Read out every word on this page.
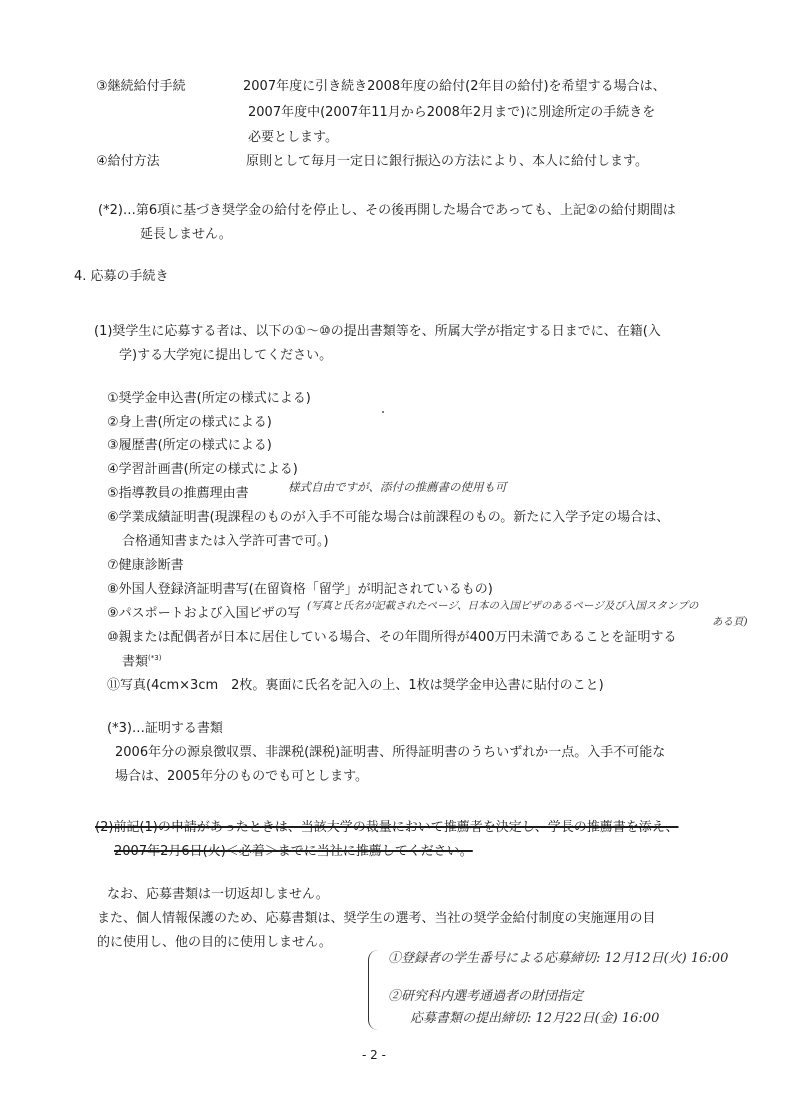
③継続給付手続	2007年度に引き続き2008年度の給付(2年目の給付)を希望する場合は、
2007年度中(2007年11月から2008年2月まで)に別途所定の手続きを
必要とします。
④給付方法	原則として毎月一定日に銀行振込の方法により、本人に給付します。
(*2)…第6項に基づき奨学金の給付を停止し、その後再開した場合であっても、上記②の給付期間は
延長しません。
4. 応募の手続き
(1)奨学生に応募する者は、以下の①～⑩の提出書類等を、所属大学が指定する日までに、在籍(入
学)する大学宛に提出してください。
①奨学金申込書(所定の様式による)
②身上書(所定の様式による)
③履歴書(所定の様式による)
④学習計画書(所定の様式による)
⑤指導教員の推薦理由書	様式自由ですが、添付の推薦書の使用も可
⑥学業成績証明書(現課程のものが入手不可能な場合は前課程のもの。新たに入学予定の場合は、
合格通知書または入学許可書で可。)
⑦健康診断書
⑧外国人登録済証明書写(在留資格「留学」が明記されているもの)
⑨パスポートおよび入国ビザの写 (写真と氏名が記載されたページ、日本の入国ビザのあるページ及び入国スタンプの
ある頁)
⑩親または配偶者が日本に居住している場合、その年間所得が400万円未満であることを証明する
書類$^{(*3)}$
⑪写真(4cm×3cm　2枚。裏面に氏名を記入の上、1枚は奨学金申込書に貼付のこと)
(*3)…証明する書類
2006年分の源泉徴収票、非課税(課税)証明書、所得証明書のうちいずれか一点。入手不可能な
場合は、2005年分のものでも可とします。
(2)前記(1)の申請があったときは、当該大学の裁量において推薦者を決定し、学長の推薦書を添え、
2007年2月6日(火)＜必着＞までに当社に推薦してください。
なお、応募書類は一切返却しません。
また、個人情報保護のため、応募書類は、奨学生の選考、当社の奨学金給付制度の実施運用の目
的に使用し、他の目的に使用しません。
①登録者の学生番号による応募締切: 12月12日(火) 16:00
②研究科内選考通過者の財団指定
応募書類の提出締切: 12月22日(金) 16:00
- 2 -
